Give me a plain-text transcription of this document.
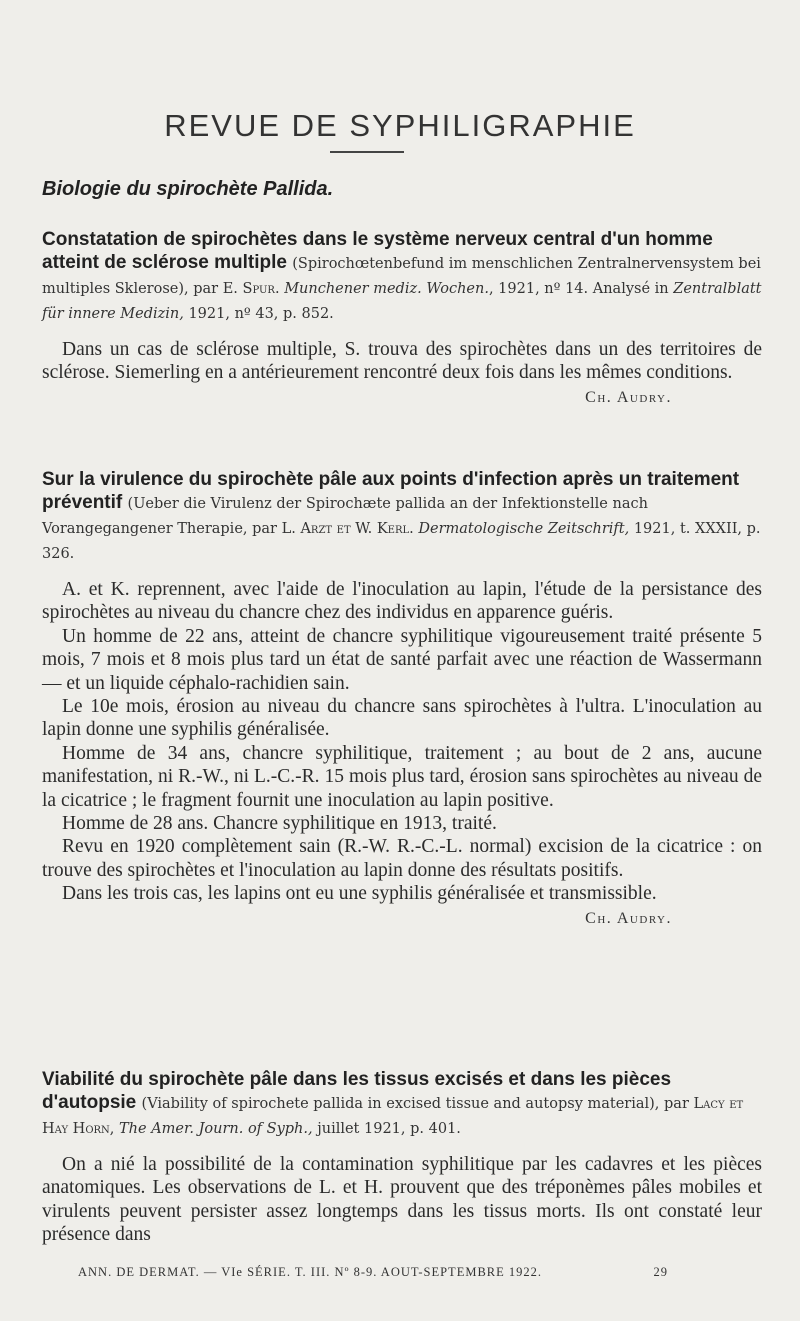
REVUE DE SYPHILIGRAPHIE
Biologie du spirochète Pallida.
Constatation de spirochètes dans le système nerveux central d'un homme atteint de sclérose multiple (Spirochœtenbefund im menschlichen Zentralnervensystem bei multiples Sklerose), par E. Spur. Munchener mediz. Wochen., 1921, nº 14. Analysé in Zentralblatt für innere Medizin, 1921, nº 43, p. 852.

Dans un cas de sclérose multiple, S. trouva des spirochètes dans un des territoires de sclérose. Siemerling en a antérieurement rencontré deux fois dans les mêmes conditions.

Ch. Audry.
Sur la virulence du spirochète pâle aux points d'infection après un traitement préventif (Ueber die Virulenz der Spirochæte pallida an der Infektionstelle nach Vorangegangener Therapie, par L. Arzt et W. Kerl. Dermatologische Zeitschrift, 1921, t. XXXII, p. 326.

A. et K. reprennent, avec l'aide de l'inoculation au lapin, l'étude de la persistance des spirochètes au niveau du chancre chez des individus en apparence guéris.

Un homme de 22 ans, atteint de chancre syphilitique vigoureusement traité présente 5 mois, 7 mois et 8 mois plus tard un état de santé parfait avec une réaction de Wassermann — et un liquide céphalo-rachidien sain.

Le 10e mois, érosion au niveau du chancre sans spirochètes à l'ultra. L'inoculation au lapin donne une syphilis généralisée.

Homme de 34 ans, chancre syphilitique, traitement ; au bout de 2 ans, aucune manifestation, ni R.-W., ni L.-C.-R. 15 mois plus tard, érosion sans spirochètes au niveau de la cicatrice ; le fragment fournit une inoculation au lapin positive.

Homme de 28 ans. Chancre syphilitique en 1913, traité.

Revu en 1920 complètement sain (R.-W. R.-C.-L. normal) excision de la cicatrice : on trouve des spirochètes et l'inoculation au lapin donne des résultats positifs.

Dans les trois cas, les lapins ont eu une syphilis généralisée et transmissible.

Ch. Audry.
Viabilité du spirochète pâle dans les tissus excisés et dans les pièces d'autopsie (Viability of spirochete pallida in excised tissue and autopsy material), par Lacy et Hay Horn, The Amer. Journ. of Syph., juillet 1921, p. 401.

On a nié la possibilité de la contamination syphilitique par les cadavres et les pièces anatomiques. Les observations de L. et H. prouvent que des tréponèmes pâles mobiles et virulents peuvent persister assez longtemps dans les tissus morts. Ils ont constaté leur présence dans

ANN. DE DERMAT. — VIe SÉRIE. T. III. Nº 8-9. AOUT-SEPTEMBRE 1922.	29
